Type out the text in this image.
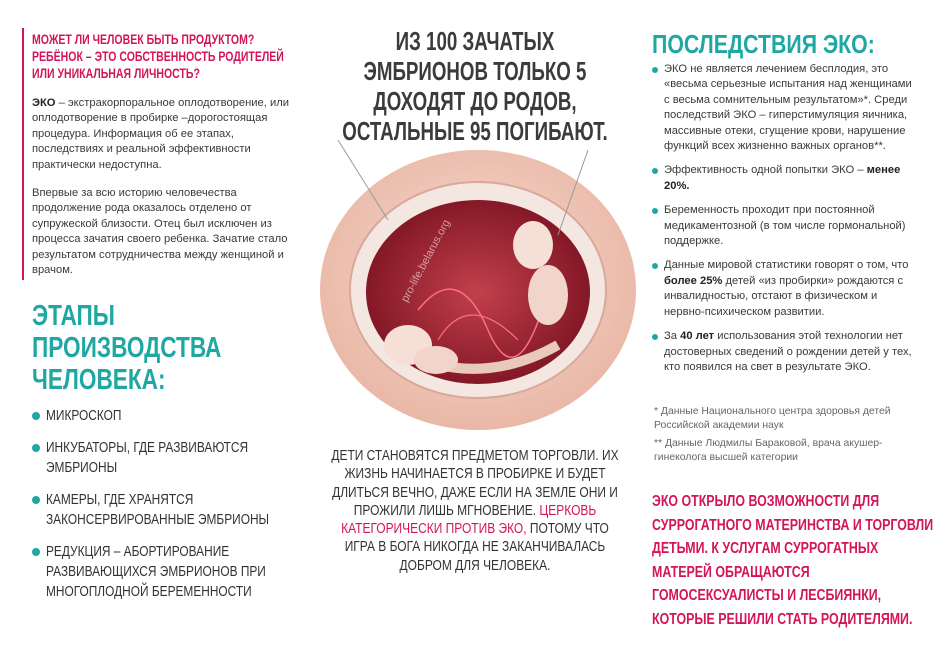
МОЖЕТ ЛИ ЧЕЛОВЕК БЫТЬ ПРОДУКТОМ? РЕБЁНОК – ЭТО СОБСТВЕННОСТЬ РОДИТЕЛЕЙ ИЛИ УНИКАЛЬНАЯ ЛИЧНОСТЬ?
ЭКО – экстракорпоральное оплодотворение, или оплодотворение в пробирке –дорогостоящая процедура. Информация об ее этапах, последствиях и реальной эффективности практически недоступна.
Впервые за всю историю человечества продолжение рода оказалось отделено от супружеской близости. Отец был исключен из процесса зачатия своего ребенка. Зачатие стало результатом сотрудничества между женщиной и врачом.
ЭТАПЫ ПРОИЗВОДСТВА ЧЕЛОВЕКА:
МИКРОСКОП
ИНКУБАТОРЫ, ГДЕ РАЗВИВАЮТСЯ ЭМБРИОНЫ
КАМЕРЫ, ГДЕ ХРАНЯТСЯ ЗАКОНСЕРВИРОВАННЫЕ ЭМБРИОНЫ
РЕДУКЦИЯ – АБОРТИРОВАНИЕ РАЗВИВАЮЩИХСЯ ЭМБРИОНОВ ПРИ МНОГОПЛОДНОЙ БЕРЕМЕННОСТИ
ИЗ 100 ЗАЧАТЫХ ЭМБРИОНОВ ТОЛЬКО 5 ДОХОДЯТ ДО РОДОВ, ОСТАЛЬНЫЕ 95 ПОГИБАЮТ.
pro-life.belarus.org
ДЕТИ СТАНОВЯТСЯ ПРЕДМЕТОМ ТОРГОВЛИ. ИХ ЖИЗНЬ НАЧИНАЕТСЯ В ПРОБИРКЕ И БУДЕТ ДЛИТЬСЯ ВЕЧНО, ДАЖЕ ЕСЛИ НА ЗЕМЛЕ ОНИ И ПРОЖИЛИ ЛИШЬ МГНОВЕНИЕ. ЦЕРКОВЬ КАТЕГОРИЧЕСКИ ПРОТИВ ЭКО, ПОТОМУ ЧТО ИГРА В БОГА НИКОГДА НЕ ЗАКАНЧИВАЛАСЬ ДОБРОМ ДЛЯ ЧЕЛОВЕКА.
ПОСЛЕДСТВИЯ ЭКО:
ЭКО не является лечением бесплодия, это «весьма серьезные испытания над женщинами с весьма сомнительным результатом»*. Среди последствий ЭКО – гиперстимуляция яичника, массивные отеки, сгущение крови, нарушение функций всех жизненно важных органов**.
Эффективность одной попытки ЭКО – менее 20%.
Беременность проходит при постоянной медикаментозной (в том числе гормональной) поддержке.
Данные мировой статистики говорят о том, что более 25% детей «из пробирки» рождаются с инвалидностью, отстают в физическом и нервно-психическом развитии.
За 40 лет использования этой технологии нет достоверных сведений о рождении детей у тех, кто появился на свет в результате ЭКО.
* Данные Национального центра здоровья детей Российской академии наук
** Данные Людмилы Бараковой, врача акушер-гинеколога высшей категории
ЭКО ОТКРЫЛО ВОЗМОЖНОСТИ ДЛЯ СУРРОГАТНОГО МАТЕРИНСТВА И ТОРГОВЛИ ДЕТЬМИ. К УСЛУГАМ СУРРОГАТНЫХ МАТЕРЕЙ ОБРАЩАЮТСЯ ГОМОСЕКСУАЛИСТЫ И ЛЕСБИЯНКИ, КОТОРЫЕ РЕШИЛИ СТАТЬ РОДИТЕЛЯМИ.
